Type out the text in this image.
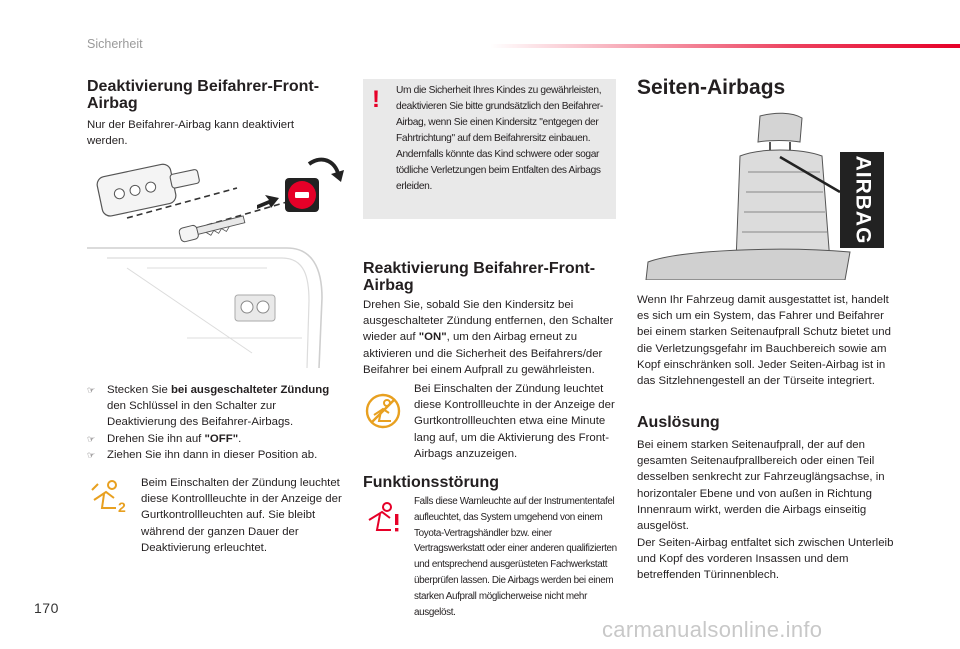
Sicherheit
Deaktivierung Beifahrer-Front-Airbag

Nur der Beifahrer-Airbag kann deaktiviert werden.

☞ Stecken Sie bei ausgeschalteter Zündung den Schlüssel in den Schalter zur Deaktivierung des Beifahrer-Airbags.
☞ Drehen Sie ihn auf "OFF".
☞ Ziehen Sie ihn dann in dieser Position ab.
2

Beim Einschalten der Zündung leuchtet diese Kontrollleuchte in der Anzeige der Gurtkontrollleuchten auf. Sie bleibt während der ganzen Dauer der Deaktivierung erleuchtet.

! Um die Sicherheit Ihres Kindes zu gewährleisten, deaktivieren Sie bitte grundsätzlich den Beifahrer-Airbag, wenn Sie einen Kindersitz "entgegen der Fahrtrichtung" auf dem Beifahrersitz einbauen. Andernfalls könnte das Kind schwere oder sogar tödliche Verletzungen beim Entfalten des Airbags erleiden.

Reaktivierung Beifahrer-Front-Airbag

Drehen Sie, sobald Sie den Kindersitz bei ausgeschalteter Zündung entfernen, den Schalter wieder auf "ON", um den Airbag erneut zu aktivieren und die Sicherheit des Beifahrers/der Beifahrer bei einem Aufprall zu gewährleisten.

Bei Einschalten der Zündung leuchtet diese Kontrollleuchte in der Anzeige der Gurtkontrollleuchten etwa eine Minute lang auf, um die Aktivierung des Front-Airbags anzuzeigen.

Funktionsstörung

Falls diese Warnleuchte auf der Instrumententafel aufleuchtet, das System umgehend von einem Toyota-Vertragshändler bzw. einer Vertragswerkstatt oder einer anderen qualifizierten und entsprechend ausgerüsteten Fachwerkstatt überprüfen lassen. Die Airbags werden bei einem starken Aufprall möglicherweise nicht mehr ausgelöst.

Seiten-Airbags
AIRBAG

Wenn Ihr Fahrzeug damit ausgestattet ist, handelt es sich um ein System, das Fahrer und Beifahrer bei einem starken Seitenaufprall Schutz bietet und die Verletzungsgefahr im Bauchbereich sowie am Kopf einschränken soll. Jeder Seiten-Airbag ist in das Sitzlehnengestell an der Türseite integriert.

Auslösung

Bei einem starken Seitenaufprall, der auf den gesamten Seitenaufprallbereich oder einen Teil desselben senkrecht zur Fahrzeuglängsachse, in horizontaler Ebene und von außen in Richtung Innenraum wirkt, werden die Airbags einseitig ausgelöst.

Der Seiten-Airbag entfaltet sich zwischen Unterleib und Kopf des vorderen Insassen und dem betreffenden Türinnenblech.

170
carmanualsonline.info
